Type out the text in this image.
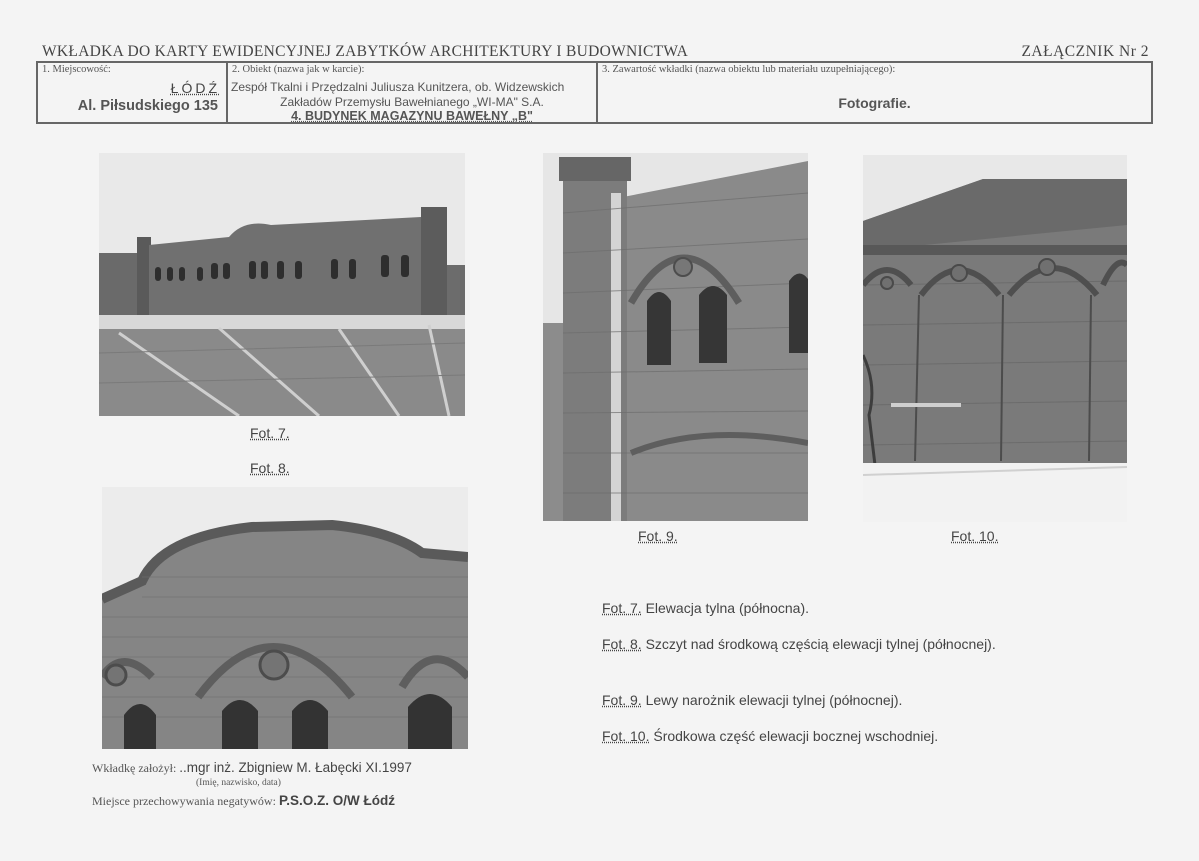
WKŁADKA DO KARTY EWIDENCYJNEJ ZABYTKÓW ARCHITEKTURY I BUDOWNICTWA	ZAŁĄCZNIK Nr 2
1. Miejscowość:
ŁÓDŹ
Al. Piłsudskiego 135
2. Obiekt (nazwa jak w karcie):
Zespół Tkalni i Przędzalni Juliusza Kunitzera, ob. Widzewskich
Zakładów Przemysłu Bawełnianego „WI-MA" S.A.
4. BUDYNEK MAGAZYNU BAWEŁNY „B"
3. Zawartość wkładki (nazwa obiektu lub materiału uzupełniającego):
Fotografie.
Fot. 7.
Fot. 8.
Fot. 9.	Fot. 10.
Fot. 7. Elewacja tylna (północna).
Fot. 8. Szczyt nad środkową częścią elewacji tylnej (północnej).
Fot. 9. Lewy narożnik elewacji tylnej (północnej).
Fot. 10. Środkowa część elewacji bocznej wschodniej.
Wkładkę założył: ..mgr inż. Zbigniew M. Łabęcki XI.1997
(Imię, nazwisko, data)
Miejsce przechowywania negatywów: P.S.O.Z. O/W Łódź
